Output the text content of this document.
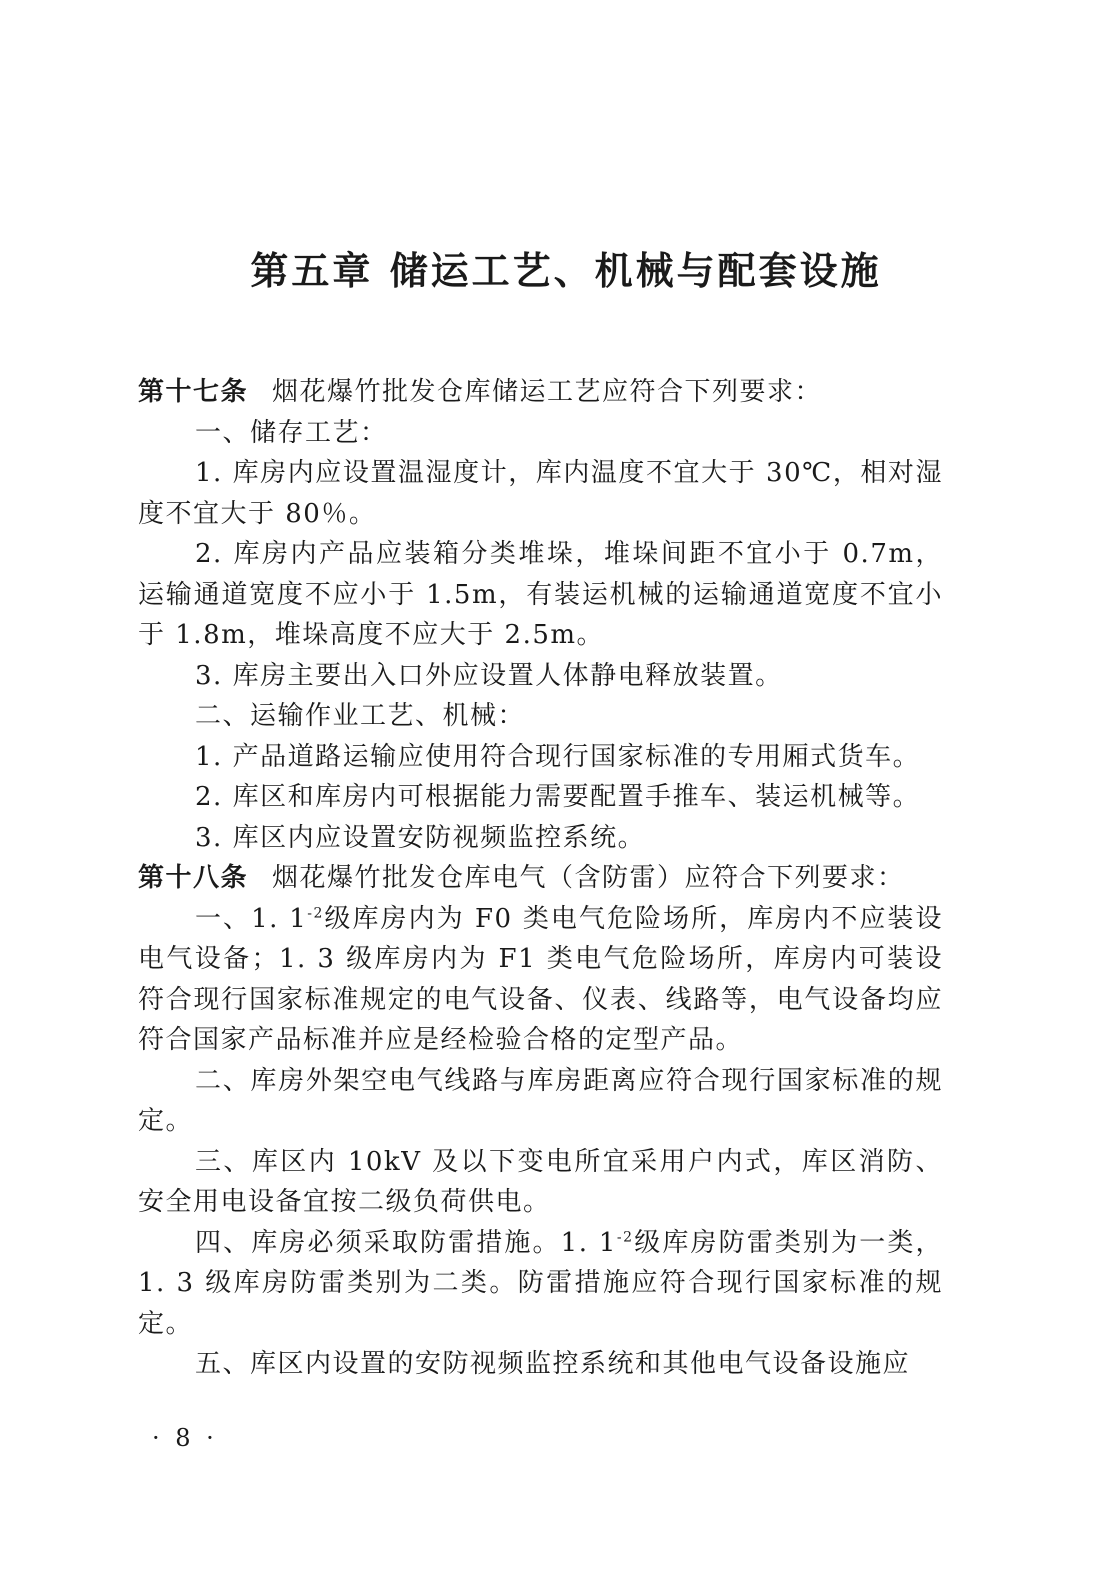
第五章 储运工艺、机械与配套设施

第十七条 烟花爆竹批发仓库储运工艺应符合下列要求：

一、储存工艺：

1. 库房内应设置温湿度计，库内温度不宜大于 30℃，相对湿度不宜大于 80％。

2. 库房内产品应装箱分类堆垛，堆垛间距不宜小于 0.7m，运输通道宽度不应小于 1.5m，有装运机械的运输通道宽度不宜小于 1.8m，堆垛高度不应大于 2.5m。

3. 库房主要出入口外应设置人体静电释放装置。

二、运输作业工艺、机械：

1. 产品道路运输应使用符合现行国家标准的专用厢式货车。

2. 库区和库房内可根据能力需要配置手推车、装运机械等。

3. 库区内应设置安防视频监控系统。

第十八条 烟花爆竹批发仓库电气（含防雷）应符合下列要求：

一、1. $1^{-2}$级库房内为 F0 类电气危险场所，库房内不应装设电气设备；1. 3 级库房内为 F1 类电气危险场所，库房内可装设符合现行国家标准规定的电气设备、仪表、线路等，电气设备均应符合国家产品标准并应是经检验合格的定型产品。

二、库房外架空电气线路与库房距离应符合现行国家标准的规定。

三、库区内 10kV 及以下变电所宜采用户内式，库区消防、安全用电设备宜按二级负荷供电。

四、库房必须采取防雷措施。1. $1^{-2}$级库房防雷类别为一类，1. 3 级库房防雷类别为二类。防雷措施应符合现行国家标准的规定。

五、库区内设置的安防视频监控系统和其他电气设备设施应

· 8 ·
